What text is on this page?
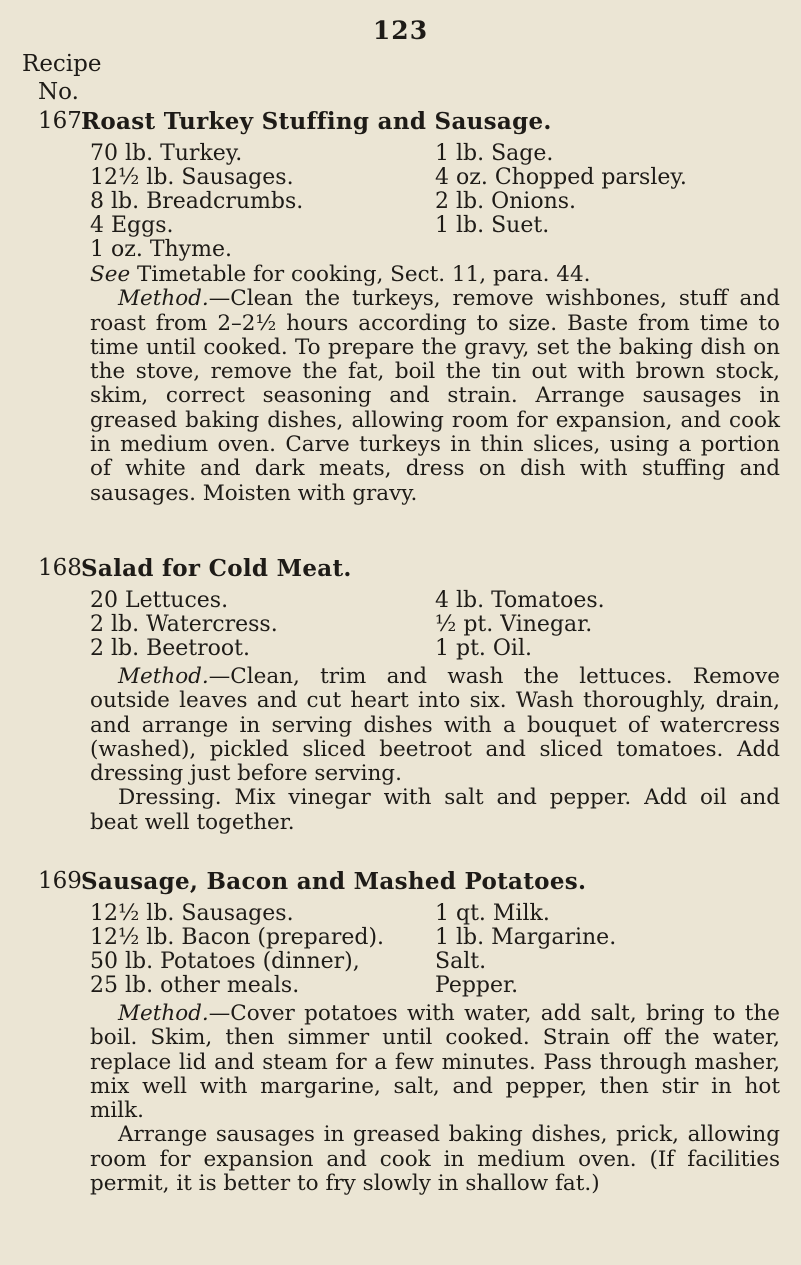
123
Recipe
No.
167 Roast Turkey Stuffing and Sausage.
70 lb. Turkey.	1 lb. Sage.
12½ lb. Sausages.	4 oz. Chopped parsley.
8 lb. Breadcrumbs.	2 lb. Onions.
4 Eggs.	1 lb. Suet.
1 oz. Thyme.

See Timetable for cooking, Sect. 11, para. 44.

Method.—Clean the turkeys, remove wishbones, stuff and roast from 2–2½ hours according to size. Baste from time to time until cooked. To prepare the gravy, set the baking dish on the stove, remove the fat, boil the tin out with brown stock, skim, correct seasoning and strain. Arrange sausages in greased baking dishes, allowing room for expansion, and cook in medium oven. Carve turkeys in thin slices, using a portion of white and dark meats, dress on dish with stuffing and sausages. Moisten with gravy.

168 Salad for Cold Meat.
20 Lettuces.	4 lb. Tomatoes.
2 lb. Watercress.	½ pt. Vinegar.
2 lb. Beetroot.	1 pt. Oil.

Method.—Clean, trim and wash the lettuces. Remove outside leaves and cut heart into six. Wash thoroughly, drain, and arrange in serving dishes with a bouquet of watercress (washed), pickled sliced beetroot and sliced tomatoes. Add dressing just before serving.

Dressing. Mix vinegar with salt and pepper. Add oil and beat well together.

169 Sausage, Bacon and Mashed Potatoes.
12½ lb. Sausages.	1 qt. Milk.
12½ lb. Bacon (prepared).	1 lb. Margarine.
50 lb. Potatoes (dinner),	Salt.
25 lb. other meals.	Pepper.

Method.—Cover potatoes with water, add salt, bring to the boil. Skim, then simmer until cooked. Strain off the water, replace lid and steam for a few minutes. Pass through masher, mix well with margarine, salt, and pepper, then stir in hot milk.

Arrange sausages in greased baking dishes, prick, allowing room for expansion and cook in medium oven. (If facilities permit, it is better to fry slowly in shallow fat.)
